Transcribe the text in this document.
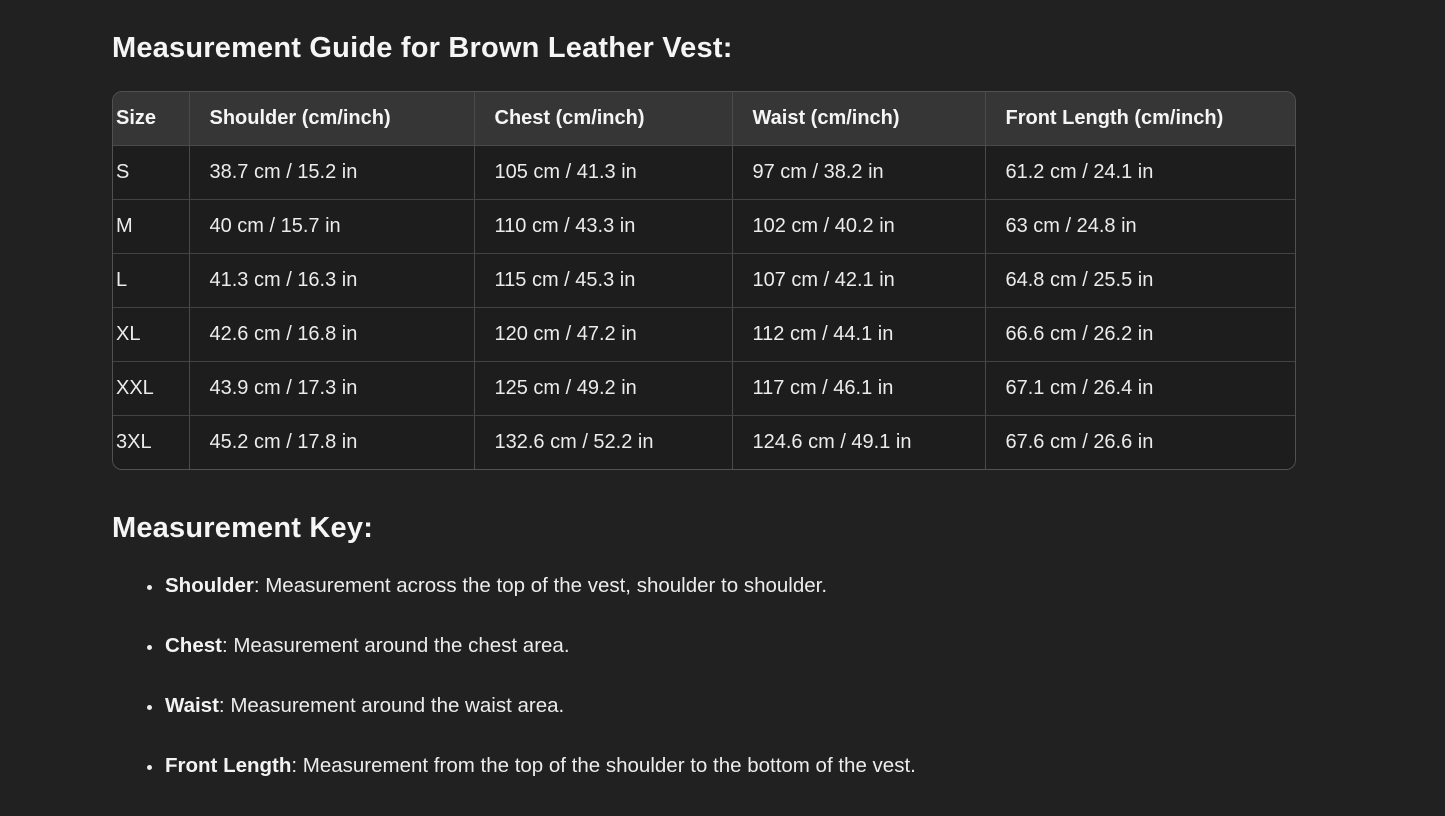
Measurement Guide for Brown Leather Vest:
Size	Shoulder (cm/inch)	Chest (cm/inch)	Waist (cm/inch)	Front Length (cm/inch)
S	38.7 cm / 15.2 in	105 cm / 41.3 in	97 cm / 38.2 in	61.2 cm / 24.1 in
M	40 cm / 15.7 in	110 cm / 43.3 in	102 cm / 40.2 in	63 cm / 24.8 in
L	41.3 cm / 16.3 in	115 cm / 45.3 in	107 cm / 42.1 in	64.8 cm / 25.5 in
XL	42.6 cm / 16.8 in	120 cm / 47.2 in	112 cm / 44.1 in	66.6 cm / 26.2 in
XXL	43.9 cm / 17.3 in	125 cm / 49.2 in	117 cm / 46.1 in	67.1 cm / 26.4 in
3XL	45.2 cm / 17.8 in	132.6 cm / 52.2 in	124.6 cm / 49.1 in	67.6 cm / 26.6 in
Measurement Key:
• Shoulder: Measurement across the top of the vest, shoulder to shoulder.
• Chest: Measurement around the chest area.
• Waist: Measurement around the waist area.
• Front Length: Measurement from the top of the shoulder to the bottom of the vest.
